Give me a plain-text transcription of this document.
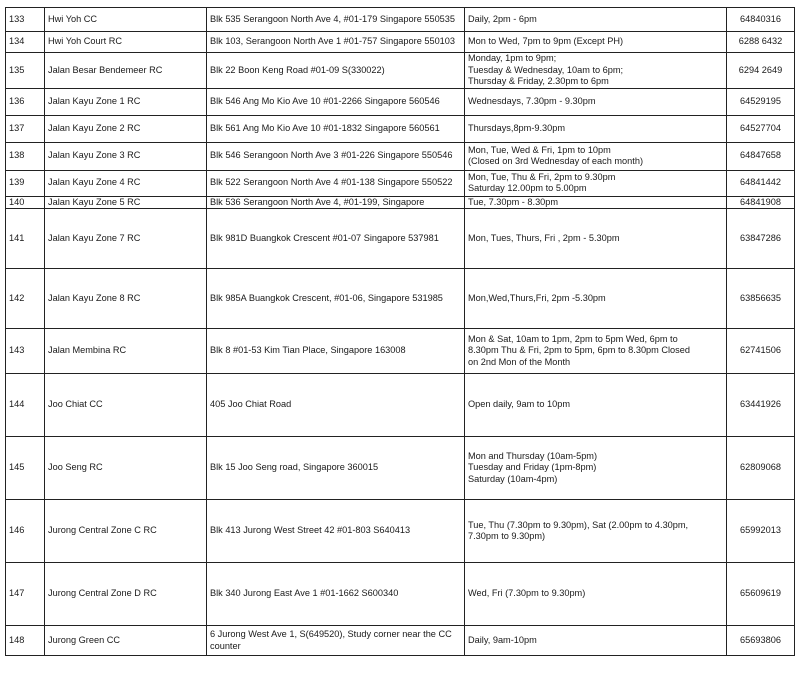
133	Hwi Yoh CC	Blk 535 Serangoon North Ave 4, #01-179 Singapore 550535	Daily, 2pm - 6pm	64840316
134	Hwi Yoh Court RC	Blk 103, Serangoon North Ave 1 #01-757 Singapore 550103	Mon to Wed, 7pm to 9pm (Except PH)	6288 6432
135	Jalan Besar Bendemeer RC	Blk 22 Boon Keng Road #01-09 S(330022)	Monday, 1pm to 9pm;
Tuesday & Wednesday, 10am to 6pm;
Thursday & Friday, 2.30pm to 6pm	6294 2649
136	Jalan Kayu Zone 1 RC	Blk 546 Ang Mo Kio Ave 10 #01-2266 Singapore 560546	Wednesdays, 7.30pm - 9.30pm	64529195
137	Jalan Kayu Zone 2 RC	Blk 561 Ang Mo Kio Ave 10 #01-1832 Singapore 560561	Thursdays,8pm-9.30pm	64527704
138	Jalan Kayu Zone 3 RC	Blk 546 Serangoon North Ave 3 #01-226 Singapore 550546	Mon, Tue, Wed & Fri, 1pm to 10pm
(Closed on 3rd Wednesday of each month)	64847658
139	Jalan Kayu Zone 4 RC	Blk 522 Serangoon North Ave 4 #01-138 Singapore 550522	Mon, Tue, Thu & Fri, 2pm to 9.30pm
Saturday 12.00pm to 5.00pm	64841442
140	Jalan Kayu Zone 5 RC	Blk 536 Serangoon North Ave 4, #01-199, Singapore	Tue, 7.30pm - 8.30pm	64841908
141	Jalan Kayu Zone 7 RC	Blk 981D Buangkok Crescent #01-07 Singapore 537981	Mon, Tues, Thurs, Fri , 2pm - 5.30pm	63847286
142	Jalan Kayu Zone 8 RC	Blk 985A Buangkok Crescent, #01-06, Singapore 531985	Mon,Wed,Thurs,Fri, 2pm -5.30pm	63856635
143	Jalan Membina RC	Blk 8 #01-53 Kim Tian Place, Singapore 163008	Mon & Sat, 10am to 1pm, 2pm to 5pm Wed, 6pm to
8.30pm Thu & Fri, 2pm to 5pm, 6pm to 8.30pm Closed
on 2nd Mon of the Month	62741506
144	Joo Chiat CC	405 Joo Chiat Road	Open daily, 9am to 10pm	63441926
145	Joo Seng RC	Blk 15 Joo Seng road, Singapore 360015	Mon and Thursday (10am-5pm)
Tuesday and Friday (1pm-8pm)
Saturday (10am-4pm)	62809068
146	Jurong Central Zone C RC	Blk 413 Jurong West Street 42 #01-803 S640413	Tue, Thu (7.30pm to 9.30pm), Sat (2.00pm to 4.30pm,
7.30pm to 9.30pm)	65992013
147	Jurong Central Zone D RC	Blk 340 Jurong East Ave 1 #01-1662 S600340	Wed, Fri (7.30pm to 9.30pm)	65609619
148	Jurong Green CC	6 Jurong West Ave 1, S(649520), Study corner near the CC counter	Daily, 9am-10pm	65693806
